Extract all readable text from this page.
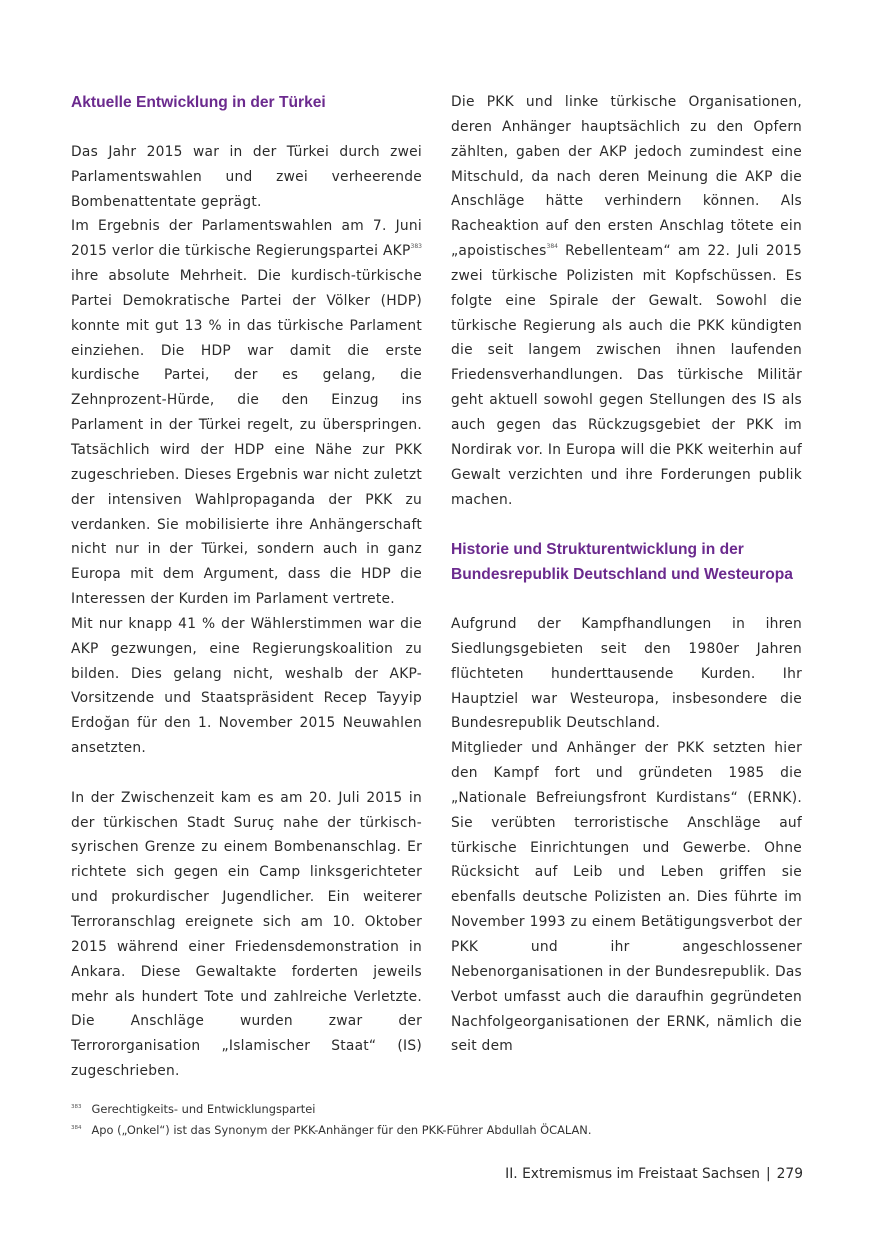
Aktuelle Entwicklung in der Türkei

Das Jahr 2015 war in der Türkei durch zwei Parlamentswahlen und zwei verheerende Bombenattentate geprägt.

Im Ergebnis der Parlamentswahlen am 7. Juni 2015 verlor die türkische Regierungspartei AKP$^{383}$ ihre absolute Mehrheit. Die kurdisch-türkische Partei Demokratische Partei der Völker (HDP) konnte mit gut 13 % in das türkische Parlament einziehen. Die HDP war damit die erste kurdische Partei, der es gelang, die Zehnprozent-Hürde, die den Einzug ins Parlament in der Türkei regelt, zu überspringen. Tatsächlich wird der HDP eine Nähe zur PKK zugeschrieben. Dieses Ergebnis war nicht zuletzt der intensiven Wahlpropaganda der PKK zu verdanken. Sie mobilisierte ihre Anhängerschaft nicht nur in der Türkei, sondern auch in ganz Europa mit dem Argument, dass die HDP die Interessen der Kurden im Parlament vertrete.

Mit nur knapp 41 % der Wählerstimmen war die AKP gezwungen, eine Regierungskoalition zu bilden. Dies gelang nicht, weshalb der AKP-Vorsitzende und Staatspräsident Recep Tayyip Erdoğan für den 1. November 2015 Neuwahlen ansetzten.

In der Zwischenzeit kam es am 20. Juli 2015 in der türkischen Stadt Suruç nahe der türkisch-syrischen Grenze zu einem Bombenanschlag. Er richtete sich gegen ein Camp linksgerichteter und prokurdischer Jugendlicher. Ein weiterer Terroranschlag ereignete sich am 10. Oktober 2015 während einer Friedensdemonstration in Ankara. Diese Gewaltakte forderten jeweils mehr als hundert Tote und zahlreiche Verletzte. Die Anschläge wurden zwar der Terrororganisation „Islamischer Staat“ (IS) zugeschrieben.

Die PKK und linke türkische Organisationen, deren Anhänger hauptsächlich zu den Opfern zählten, gaben der AKP jedoch zumindest eine Mitschuld, da nach deren Meinung die AKP die Anschläge hätte verhindern können. Als Racheaktion auf den ersten Anschlag tötete ein „apoistisches$^{384}$ Rebellenteam“ am 22. Juli 2015 zwei türkische Polizisten mit Kopfschüssen. Es folgte eine Spirale der Gewalt. Sowohl die türkische Regierung als auch die PKK kündigten die seit langem zwischen ihnen laufenden Friedensverhandlungen. Das türkische Militär geht aktuell sowohl gegen Stellungen des IS als auch gegen das Rückzugsgebiet der PKK im Nordirak vor. In Europa will die PKK weiterhin auf Gewalt verzichten und ihre Forderungen publik machen.

Historie und Strukturentwicklung in der Bundesrepublik Deutschland und Westeuropa

Aufgrund der Kampfhandlungen in ihren Siedlungsgebieten seit den 1980er Jahren flüchteten hunderttausende Kurden. Ihr Hauptziel war Westeuropa, insbesondere die Bundesrepublik Deutschland.

Mitglieder und Anhänger der PKK setzten hier den Kampf fort und gründeten 1985 die „Nationale Befreiungsfront Kurdistans“ (ERNK). Sie verübten terroristische Anschläge auf türkische Einrichtungen und Gewerbe. Ohne Rücksicht auf Leib und Leben griffen sie ebenfalls deutsche Polizisten an. Dies führte im November 1993 zu einem Betätigungsverbot der PKK und ihr angeschlossener Nebenorganisationen in der Bundesrepublik. Das Verbot umfasst auch die daraufhin gegründeten Nachfolgeorganisationen der ERNK, nämlich die seit dem

$^{383}$ Gerechtigkeits- und Entwicklungspartei
$^{384}$ Apo („Onkel“) ist das Synonym der PKK-Anhänger für den PKK-Führer Abdullah ÖCALAN.
II. Extremismus im Freistaat Sachsen | 279
